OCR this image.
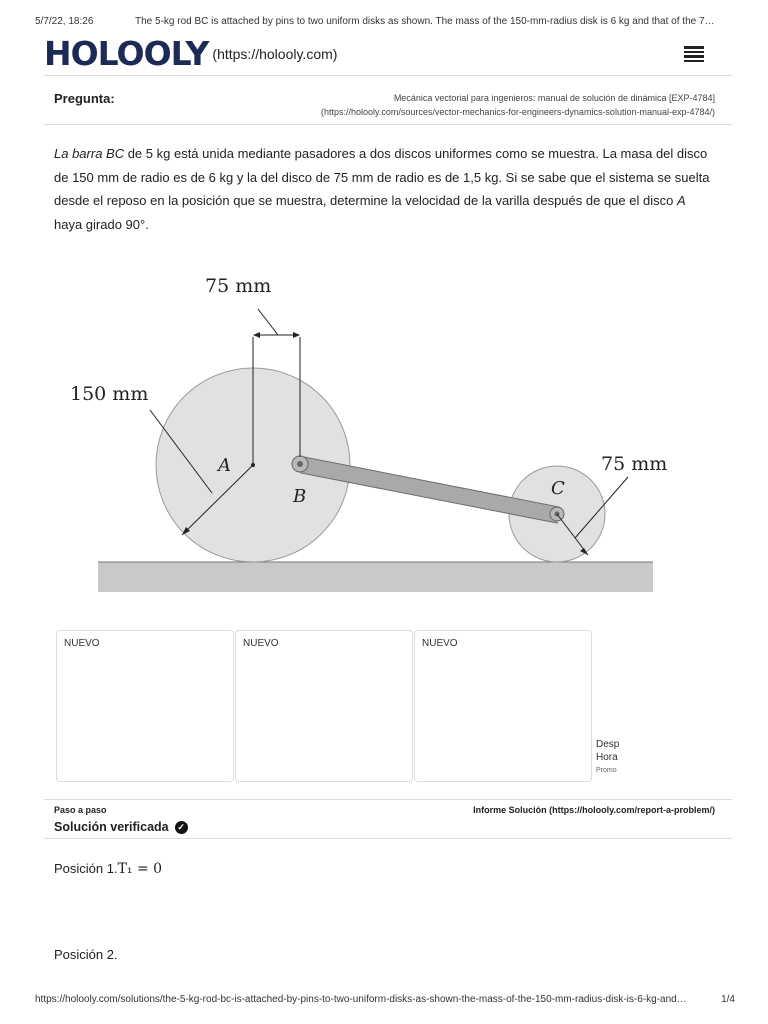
5/7/22, 18:26	The 5-kg rod BC is attached by pins to two uniform disks as shown. The mass of the 150-mm-radius disk is 6 kg and that of the 7…
HOLOOLY (https://holooly.com)
Pregunta:	Mecánica vectorial para ingenieros: manual de solución de dinámica [EXP-4784]
(https://holooly.com/sources/vector-mechanics-for-engineers-dynamics-solution-manual-exp-4784/)
La barra BC de 5 kg está unida mediante pasadores a dos discos uniformes como se muestra. La masa del disco de 150 mm de radio es de 6 kg y la del disco de 75 mm de radio es de 1,5 kg. Si se sabe que el sistema se suelta desde el reposo en la posición que se muestra, determine la velocidad de la varilla después de que el disco A haya girado 90°.
75 mm
150 mm
75 mm
A
B	C
NUEVO	NUEVO	NUEVO
Desp
Hora
Promo
Paso a paso	Informe Solución (https://holooly.com/report-a-problem/)
Solución verificada ✓
Posición 1.T₁ = 0
Posición 2.
https://holooly.com/solutions/the-5-kg-rod-bc-is-attached-by-pins-to-two-uniform-disks-as-shown-the-mass-of-the-150-mm-radius-disk-is-6-kg-and…	1/4
